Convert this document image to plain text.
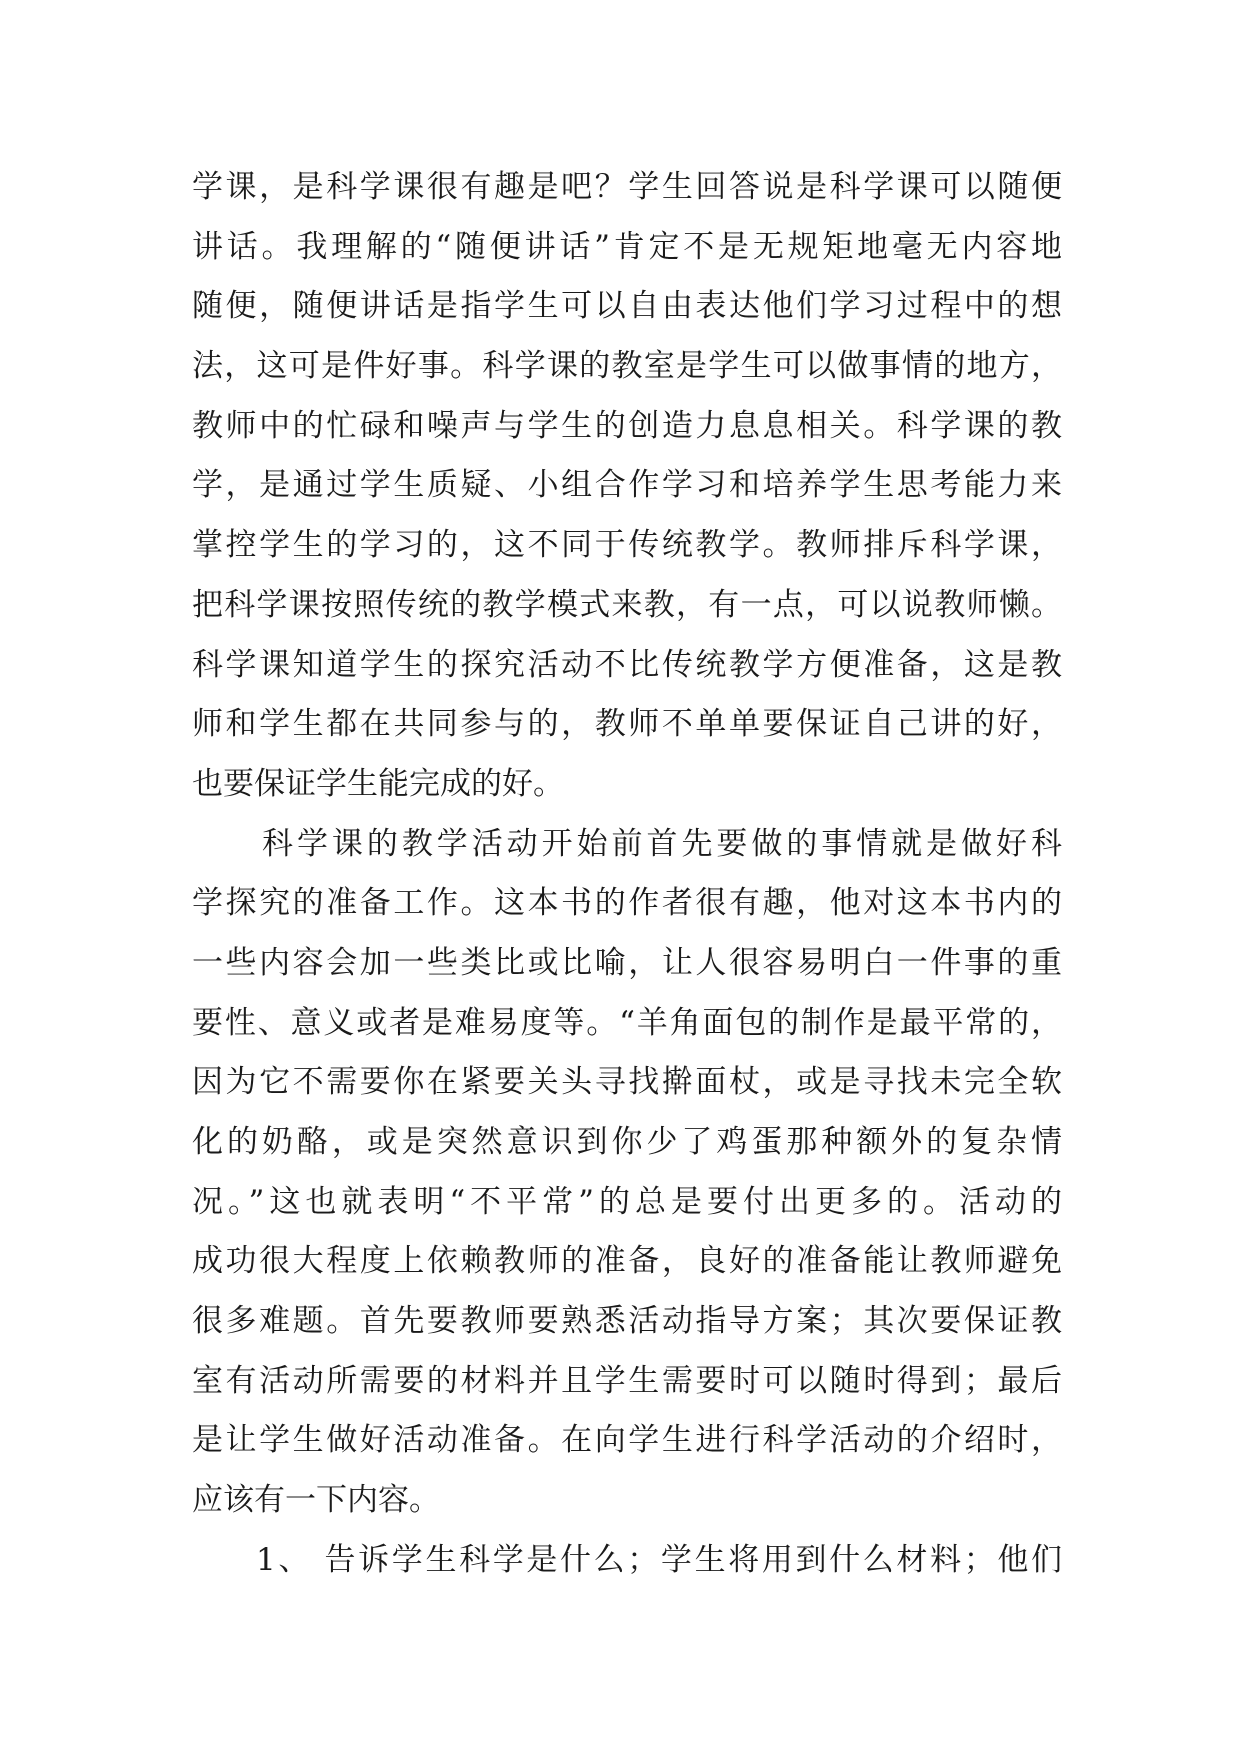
学课，是科学课很有趣是吧？学生回答说是科学课可以随便
讲话。我理解的“随便讲话”肯定不是无规矩地毫无内容地
随便，随便讲话是指学生可以自由表达他们学习过程中的想
法，这可是件好事。科学课的教室是学生可以做事情的地方，
教师中的忙碌和噪声与学生的创造力息息相关。科学课的教
学，是通过学生质疑、小组合作学习和培养学生思考能力来
掌控学生的学习的，这不同于传统教学。教师排斥科学课，
把科学课按照传统的教学模式来教，有一点，可以说教师懒。
科学课知道学生的探究活动不比传统教学方便准备，这是教
师和学生都在共同参与的，教师不单单要保证自己讲的好，
也要保证学生能完成的好。
科学课的教学活动开始前首先要做的事情就是做好科
学探究的准备工作。这本书的作者很有趣，他对这本书内的
一些内容会加一些类比或比喻，让人很容易明白一件事的重
要性、意义或者是难易度等。“羊角面包的制作是最平常的，
因为它不需要你在紧要关头寻找擀面杖，或是寻找未完全软
化的奶酪，或是突然意识到你少了鸡蛋那种额外的复杂情
况。”这也就表明“不平常”的总是要付出更多的。活动的
成功很大程度上依赖教师的准备，良好的准备能让教师避免
很多难题。首先要教师要熟悉活动指导方案；其次要保证教
室有活动所需要的材料并且学生需要时可以随时得到；最后
是让学生做好活动准备。在向学生进行科学活动的介绍时，
应该有一下内容。
1、 告诉学生科学是什么；学生将用到什么材料；他们
